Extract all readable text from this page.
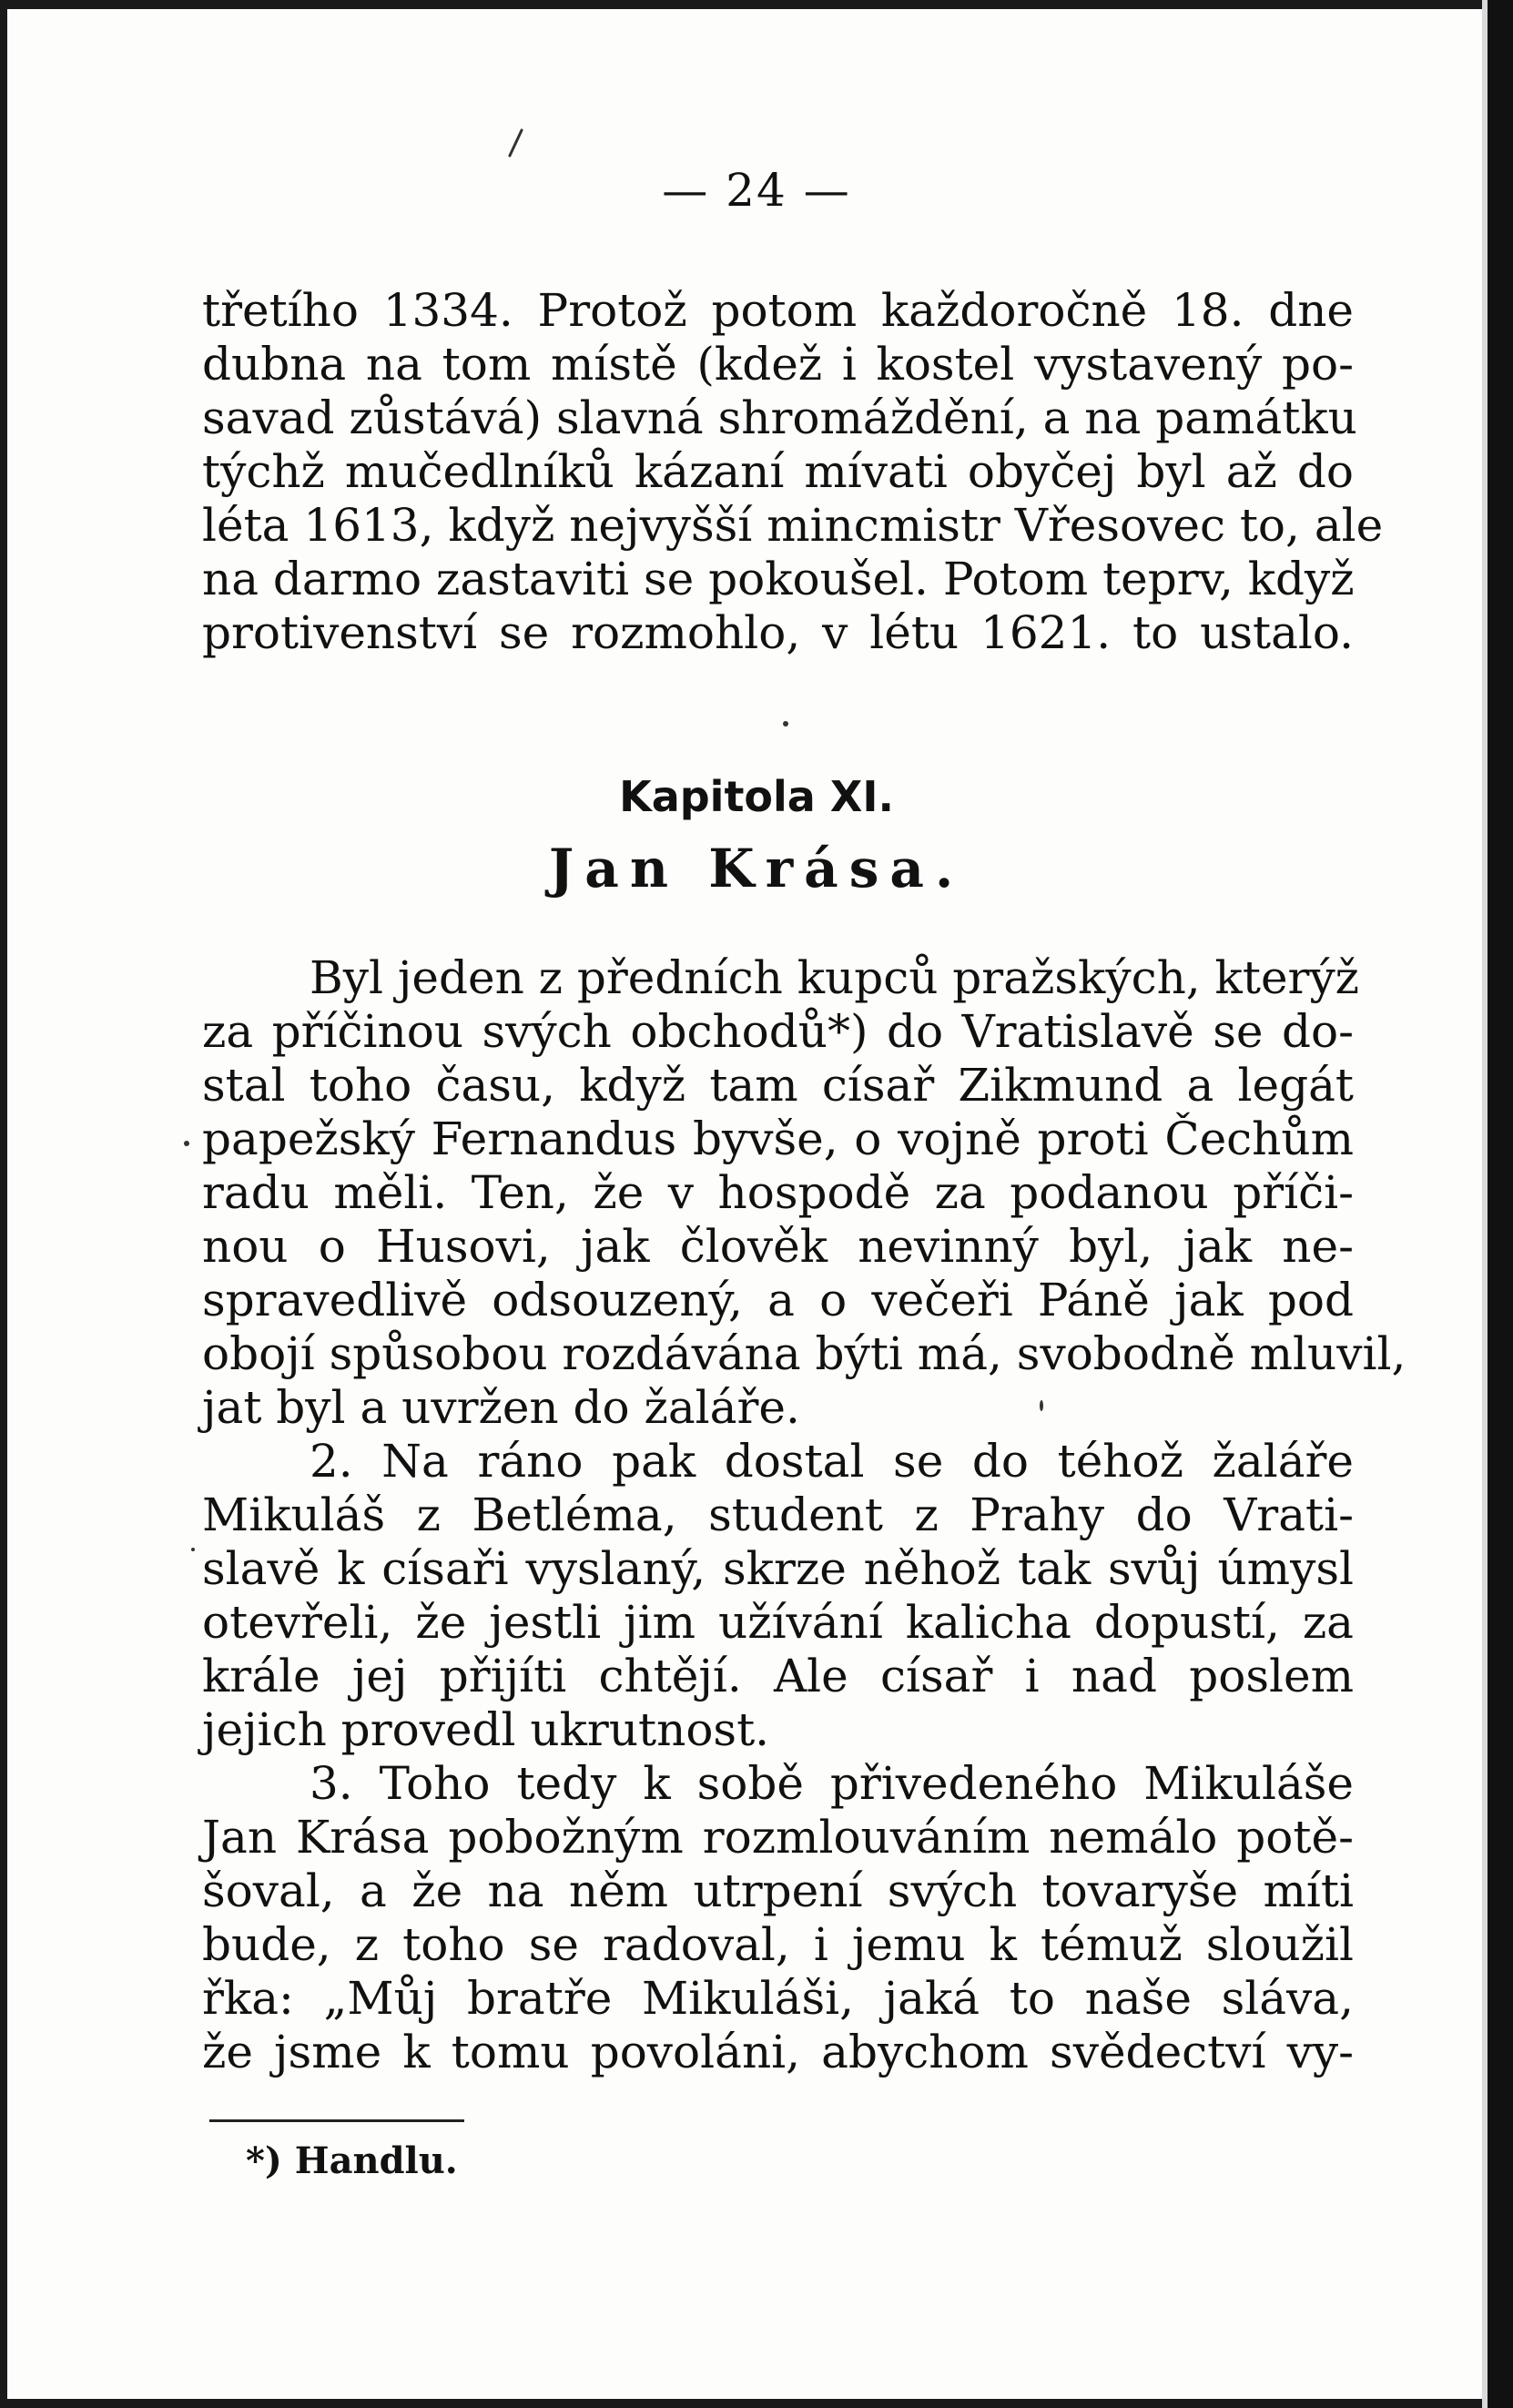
— 24 —
třetího 1334. Protož potom každoročně 18. dne
dubna na tom místě (kdež i kostel vystavený po-
savad zůstává) slavná shromáždění, a na památku
týchž mučedlníků kázaní mívati obyčej byl až do
léta 1613, když nejvyšší mincmistr Vřesovec to, ale
na darmo zastaviti se pokoušel. Potom teprv, když
protivenství se rozmohlo, v létu 1621. to ustalo.
Kapitola XI.
Jan Krása.
Byl jeden z předních kupců pražských, kterýž
za příčinou svých obchodů*) do Vratislavě se do-
stal toho času, když tam císař Zikmund a legát
papežský Fernandus byvše, o vojně proti Čechům
radu měli. Ten, že v hospodě za podanou příči-
nou o Husovi, jak člověk nevinný byl, jak ne-
spravedlivě odsouzený, a o večeři Páně jak pod
obojí spůsobou rozdávána býti má, svobodně mluvil,
jat byl a uvržen do žaláře.
2. Na ráno pak dostal se do téhož žaláře
Mikuláš z Betléma, student z Prahy do Vrati-
slavě k císaři vyslaný, skrze něhož tak svůj úmysl
otevřeli, že jestli jim užívání kalicha dopustí, za
krále jej přijíti chtějí. Ale císař i nad poslem
jejich provedl ukrutnost.
3. Toho tedy k sobě přivedeného Mikuláše
Jan Krása pobožným rozmlouváním nemálo potě-
šoval, a že na něm utrpení svých tovaryše míti
bude, z toho se radoval, i jemu k témuž sloužil
řka: „Můj bratře Mikuláši, jaká to naše sláva,
že jsme k tomu povoláni, abychom svědectví vy-
*) Handlu.
